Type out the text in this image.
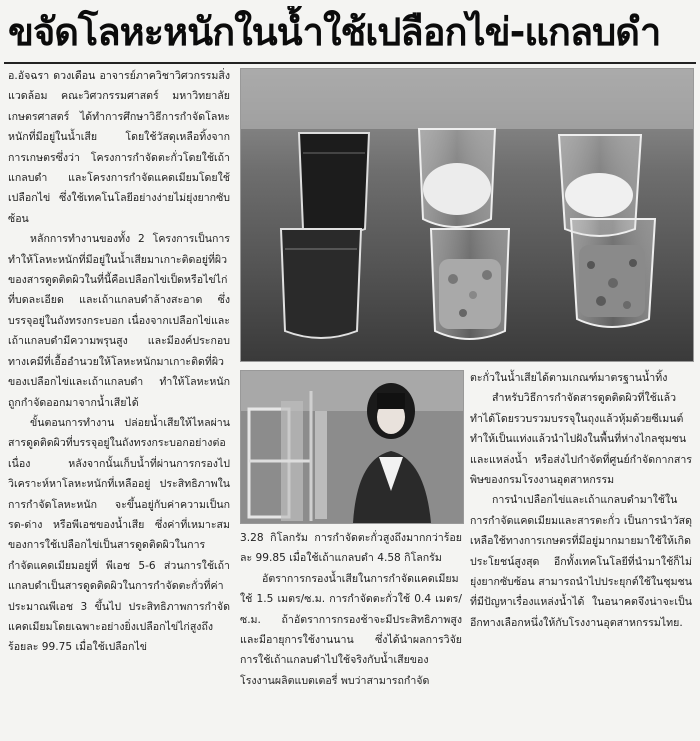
ขจัดโลหะหนักในน้ำใช้เปลือกไข่-แกลบดำ

อ.อัจฉรา ดวงเดือน อาจารย์ภาควิชาวิศวกรรมสิ่งแวดล้อม คณะวิศวกรรมศาสตร์ มหาวิทยาลัยเกษตรศาสตร์ ได้ทำการศึกษาวิธีการกำจัดโลหะหนักที่มีอยู่ในน้ำเสีย โดยใช้วัสดุเหลือทิ้งจากการเกษตรซึ่งว่า โครงการกำจัดตะกั่วโดยใช้เถ้าแกลบดำ และโครงการกำจัดแคดเมียมโดยใช้เปลือกไข่ ซึ่งใช้เทคโนโลยีอย่างง่ายไม่ยุ่งยากซับซ้อน

หลักการทำงานของทั้ง 2 โครงการเป็นการทำให้โลหะหนักที่มีอยู่ในน้ำเสียมาเกาะติดอยู่ที่ผิวของสารดูดติดผิวในที่นี้คือเปลือกไข่เป็ดหรือไข่ไก่ที่บดละเอียด และเถ้าแกลบดำล้างสะอาด ซึ่งบรรจุอยู่ในถังทรงกระบอก เนื่องจากเปลือกไข่และเถ้าแกลบดำมีความพรุนสูง และมีองค์ประกอบทางเคมีที่เอื้ออำนวยให้โลหะหนักมาเกาะติดที่ผิวของเปลือกไข่และเถ้าแกลบดำ ทำให้โลหะหนักถูกกำจัดออกมาจากน้ำเสียได้

ขั้นตอนการทำงาน ปล่อยน้ำเสียให้ไหลผ่านสารดูดติดผิวที่บรรจุอยู่ในถังทรงกระบอกอย่างต่อเนื่อง หลังจากนั้นเก็บน้ำที่ผ่านการกรองไปวิเคราะห์หาโลหะหนักที่เหลืออยู่ ประสิทธิภาพในการกำจัดโลหะหนัก จะขึ้นอยู่กับค่าความเป็นกรด-ด่าง หรือพีเอชของน้ำเสีย ซึ่งค่าที่เหมาะสมของการใช้เปลือกไข่เป็นสารดูดติดผิวในการกำจัดแคดเมียมอยู่ที่ พีเอช 5-6 ส่วนการใช้เถ้าแกลบดำเป็นสารดูดติดผิวในการกำจัดตะกั่วที่ค่าประมาณพีเอช 3 ขึ้นไป ประสิทธิภาพการกำจัดแคดเมียมโดยเฉพาะอย่างยิ่งเปลือกไข่ไก่สูงถึงร้อยละ 99.75 เมื่อใช้เปลือกไข่

3.28 กิโลกรัม การกำจัดตะกั่วสูงถึงมากกว่าร้อยละ 99.85 เมื่อใช้เถ้าแกลบดำ 4.58 กิโลกรัม

อัตราการกรองน้ำเสียในการกำจัดแคดเมียมใช้ 1.5 เมตร/ซ.ม. การกำจัดตะกั่วใช้ 0.4 เมตร/ซ.ม. ถ้าอัตราการกรองช้าจะมีประสิทธิภาพสูง และมีอายุการใช้งานนาน ซึ่งได้นำผลการวิจัยการใช้เถ้าแกลบดำไปใช้จริงกับน้ำเสียของโรงงานผลิตแบตเตอรี่ พบว่าสามารถกำจัด

ตะกั่วในน้ำเสียได้ตามเกณฑ์มาตรฐานน้ำทิ้ง

สำหรับวิธีการกำจัดสารดูดติดผิวที่ใช้แล้ว ทำได้โดยรวบรวมบรรจุในถุงแล้วหุ้มด้วยซีเมนต์ทำให้เป็นแท่งแล้วนำไปฝังในพื้นที่ห่างไกลชุมชนและแหล่งน้ำ หรือส่งไปกำจัดที่ศูนย์กำจัดกากสารพิษของกรมโรงงานอุตสาหกรรม

การนำเปลือกไข่และเถ้าแกลบดำมาใช้ในการกำจัดแคดเมียมและสารตะกั่ว เป็นการนำวัสดุเหลือใช้ทางการเกษตรที่มีอยู่มากมายมาใช้ให้เกิดประโยชน์สูงสุด อีกทั้งเทคโนโลยีที่นำมาใช้ก็ไม่ยุ่งยากซับซ้อน สามารถนำไปประยุกต์ใช้ในชุมชนที่มีปัญหาเรื่องแหล่งน้ำได้ ในอนาคตจึงน่าจะเป็นอีกทางเลือกหนึ่งให้กับโรงงานอุตสาหกรรมไทย.
